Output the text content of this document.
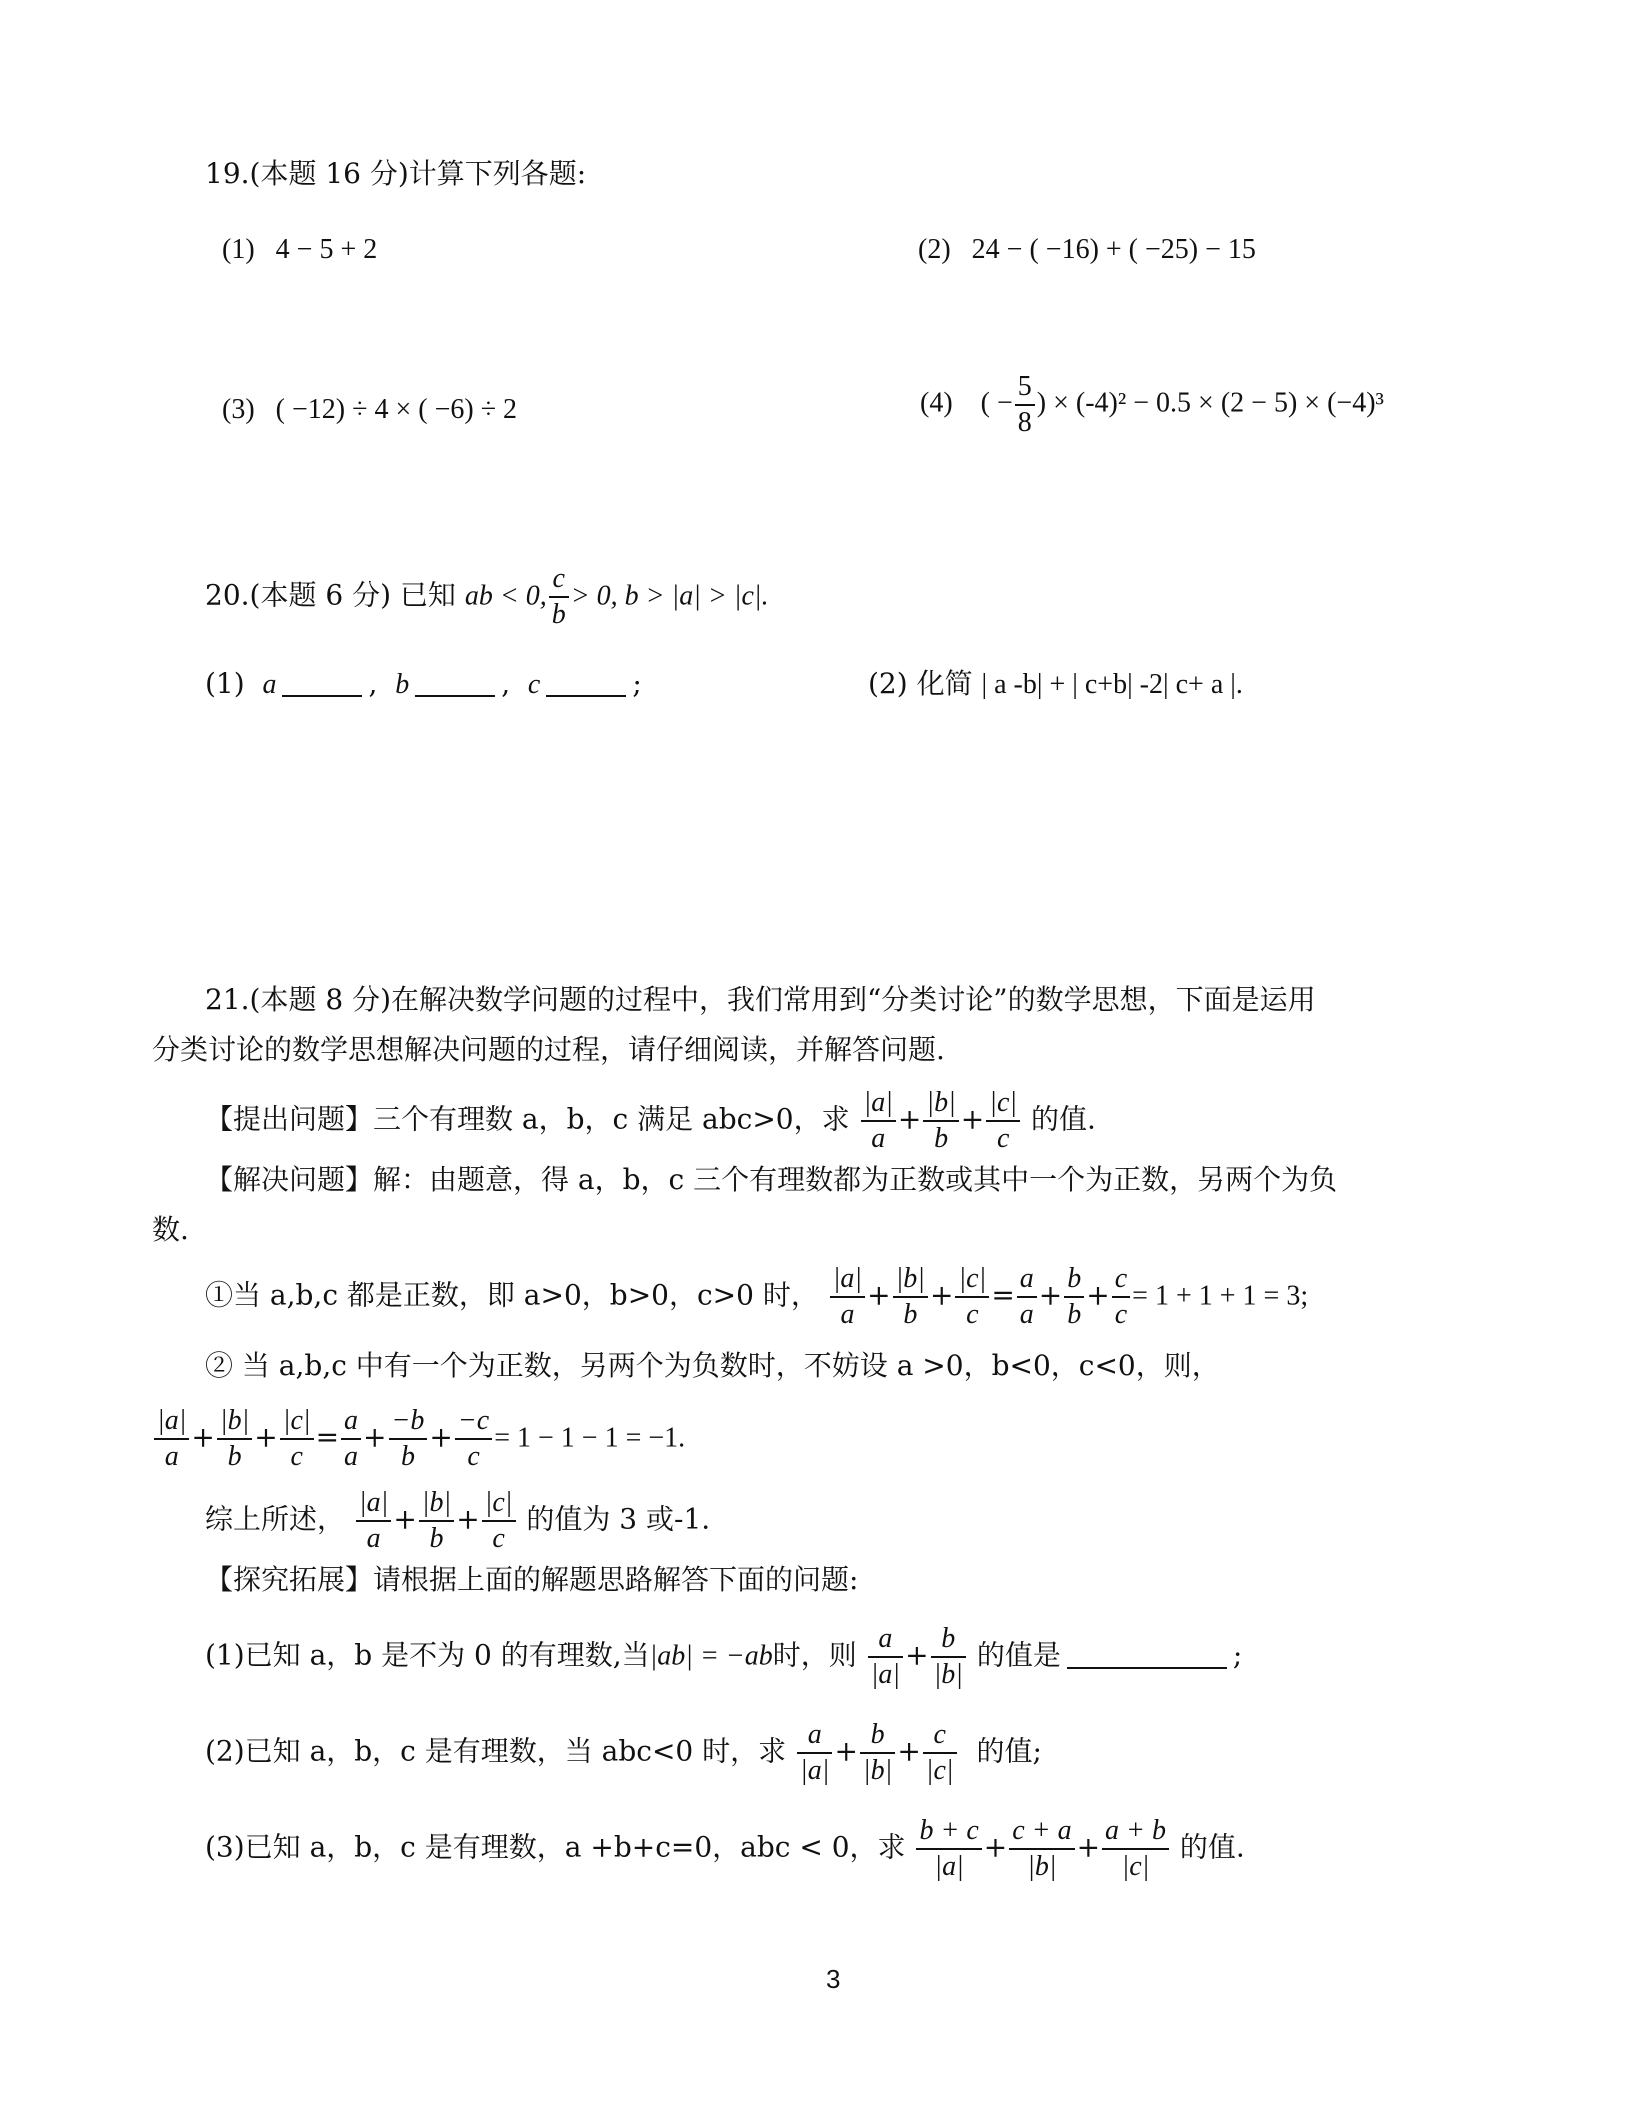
19.(本题 16 分)计算下列各题:
(1) 4 − 5 + 2	(2) 24 − ( −16) + ( −25) − 15
(3) ( −12) ÷ 4 × ( −6) ÷ 2	(4) ( − $\frac{5}{8}$ ) × (-4)² − 0.5 × (2 − 5) × (−4)³
20.(本题 6 分) 已知 ab < 0, $\frac{c}{b} > 0$, b > |a| > |c|.
(1) a	, b	, c	;	(2) 化简 | a -b| + | c+b| -2| c+ a |.
21.(本题 8 分)在解决数学问题的过程中，我们常用到“分类讨论”的数学思想，下面是运用
分类讨论的数学思想解决问题的过程，请仔细阅读，并解答问题.
【提出问题】三个有理数 a，b，c 满足 abc>0，求 $\frac{|a|}{a} + \frac{|b|}{b} + \frac{|c|}{c}$ 的值.
【解决问题】解：由题意，得 a，b，c 三个有理数都为正数或其中一个为正数，另两个为负
数.
①当 a,b,c 都是正数，即 a>0，b>0，c>0 时， $\frac{|a|}{a} + \frac{|b|}{b} + \frac{|c|}{c} = \frac{a}{a} + \frac{b}{b} + \frac{c}{c} = 1 + 1 + 1 = 3$;
② 当 a,b,c 中有一个为正数，另两个为负数时，不妨设 a >0，b<0，c<0，则，
$\frac{|a|}{a} + \frac{|b|}{b} + \frac{|c|}{c} = \frac{a}{a} + \frac{-b}{b} + \frac{-c}{c} = 1 - 1 - 1 = -1$.
综上所述， $\frac{|a|}{a} + \frac{|b|}{b} + \frac{|c|}{c}$ 的值为 3 或-1.
【探究拓展】请根据上面的解题思路解答下面的问题:
(1)已知 a，b 是不为 0 的有理数,当|ab| = −ab时，则 $\frac{a}{|a|} + \frac{b}{|b|}$ 的值是	;
(2)已知 a，b，c 是有理数，当 abc<0 时，求 $\frac{a}{|a|} + \frac{b}{|b|} + \frac{c}{|c|}$ 的值;
(3)已知 a，b，c 是有理数，a +b+c=0，abc < 0，求 $\frac{b + c}{|a|} + \frac{c + a}{|b|} + \frac{a + b}{|c|}$ 的值.
3
